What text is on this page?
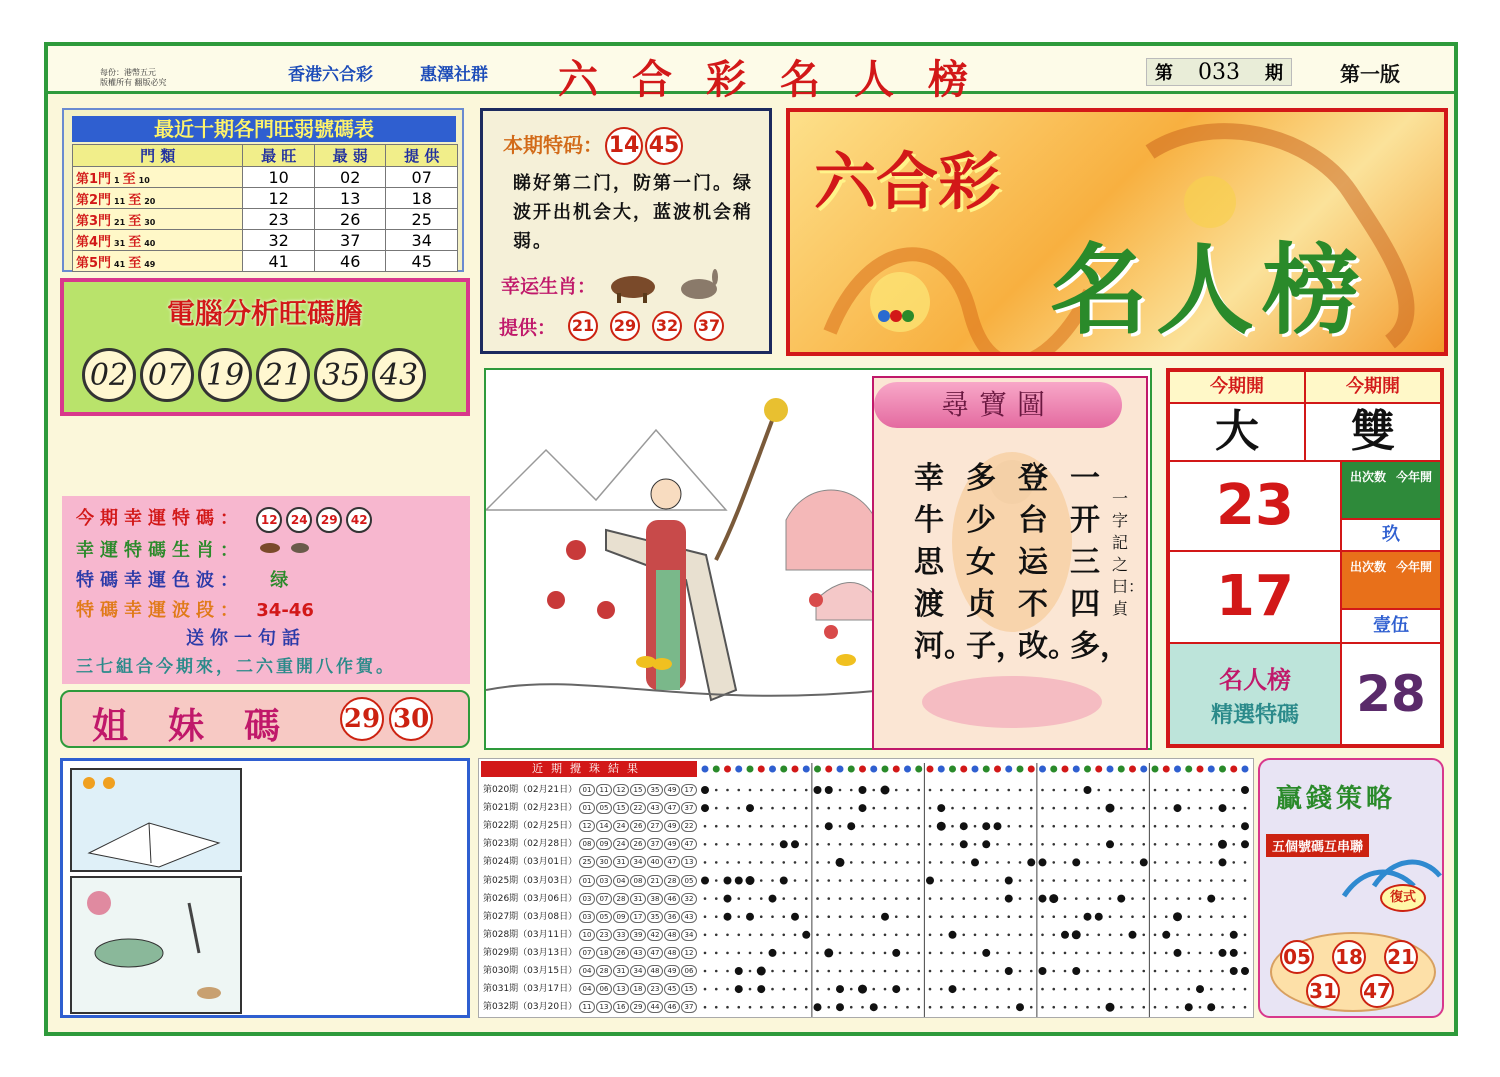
每份：港幣五元
版權所有 翻版必究	香港六合彩	惠澤社群 六合彩名人榜	第 033 期	第一版
最近十期各門旺弱號碼表
門 類	最 旺	最 弱	提 供
第1門 1 至 10	10	02	07
第2門 11 至 20	12	13	18
第3門 21 至 30	23	26	25
第4門 31 至 40	32	37	34
第5門 41 至 49	41	46	45
電腦分析旺碼膽
02 07 19 21 35 43
今期幸運特碼： 12 24 29 42
幸運特碼生肖：
特碼幸運色波： 绿
特碼幸運波段： 34-46
送你一句話
三七組合今期來，二六重開八作賀。
姐妹碼 29 30
本期特码： 14 45
睇好第二门，防第一门。绿波开出机会大，蓝波机会稍弱。
幸运生肖：
提供： 21 29 32 37
六合彩
名人榜
尋寶圖
一开三四多，
登台运不改。
多少女贞子，
幸牛思渡河。
一字記之曰：貞
今期開	今期開
大	雙
23	出次数 今年開
玖
17	出次数 今年開
壹伍
名人榜
精選特碼	28
近期攪珠結果
第020期（02月21日） 01	11	12	15	35	49	17
第021期（02月23日） 01	05	15	22	43	47	37
第022期（02月25日） 12	14	24	26	27	49	22
第023期（02月28日） 08	09	24	26	37	49	47
第024期（03月01日） 25	30	31	34	40	47	13
第025期（03月03日） 01	03	04	08	21	28	05
第026期（03月06日） 03	07	28	31	38	46	32
第027期（03月08日） 03	05	09	17	35	36	43
第028期（03月11日） 10	23	33	39	42	48	34
第029期（03月13日） 07	18	26	43	47	48	12
第030期（03月15日） 04	28	31	34	48	49	06
第031期（03月17日） 04	06	13	18	23	45	15
第032期（03月20日） 11	13	16	29	44	46	37
贏錢策略
五個號碼互串聯
復式
05 18 21
31 47
